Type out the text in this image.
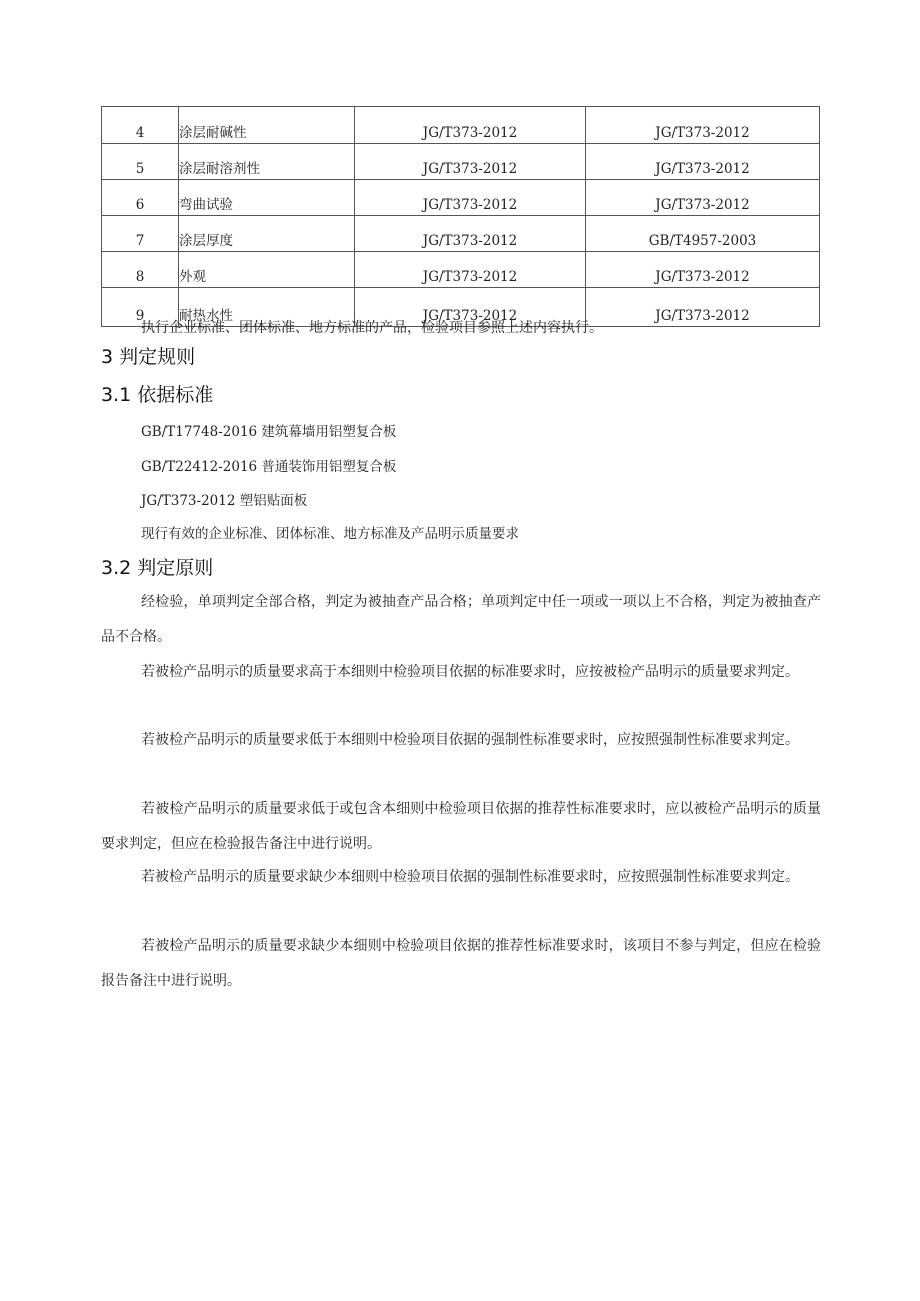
4	涂层耐碱性	JG/T373-2012	JG/T373-2012
5	涂层耐溶剂性	JG/T373-2012	JG/T373-2012
6	弯曲试验	JG/T373-2012	JG/T373-2012
7	涂层厚度	JG/T373-2012	GB/T4957-2003
8	外观	JG/T373-2012	JG/T373-2012
9	耐热水性	JG/T373-2012	JG/T373-2012
执行企业标准、团体标准、地方标准的产品，检验项目参照上述内容执行。
3 判定规则
3.1 依据标准
GB/T17748-2016 建筑幕墙用铝塑复合板
GB/T22412-2016 普通装饰用铝塑复合板
JG/T373-2012 塑铝贴面板
现行有效的企业标准、团体标准、地方标准及产品明示质量要求
3.2 判定原则
经检验，单项判定全部合格，判定为被抽查产品合格；单项判定中任一项或一项以上不合格，判定为被抽查产品不合格。
若被检产品明示的质量要求高于本细则中检验项目依据的标准要求时，应按被检产品明示的质量要求判定。
若被检产品明示的质量要求低于本细则中检验项目依据的强制性标准要求时，应按照强制性标准要求判定。
若被检产品明示的质量要求低于或包含本细则中检验项目依据的推荐性标准要求时，应以被检产品明示的质量要求判定，但应在检验报告备注中进行说明。
若被检产品明示的质量要求缺少本细则中检验项目依据的强制性标准要求时，应按照强制性标准要求判定。
若被检产品明示的质量要求缺少本细则中检验项目依据的推荐性标准要求时，该项目不参与判定，但应在检验报告备注中进行说明。
